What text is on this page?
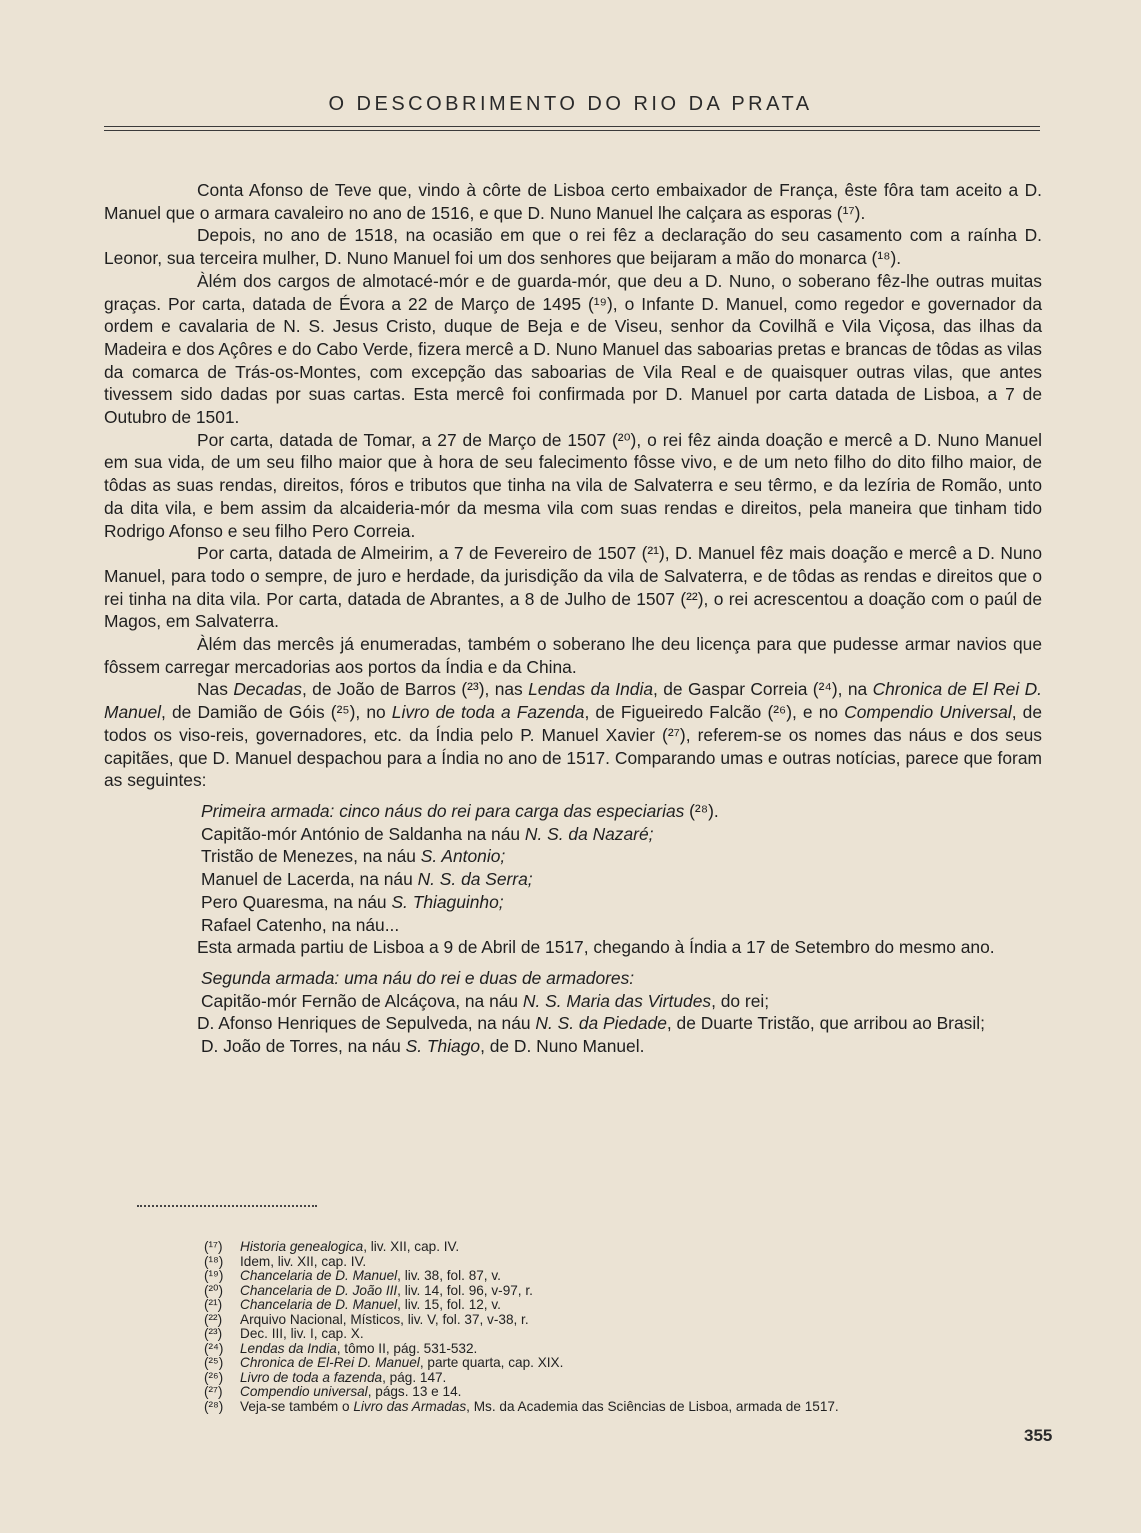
O DESCOBRIMENTO DO RIO DA PRATA

Conta Afonso de Teve que, vindo à côrte de Lisboa certo embaixador de França, êste fôra tam aceito a D. Manuel que o armara cavaleiro no ano de 1516, e que D. Nuno Manuel lhe calçara as esporas (¹⁷).

Depois, no ano de 1518, na ocasião em que o rei fêz a declaração do seu casamento com a raínha D. Leonor, sua terceira mulher, D. Nuno Manuel foi um dos senhores que beijaram a mão do monarca (¹⁸).

Àlém dos cargos de almotacé-mór e de guarda-mór, que deu a D. Nuno, o soberano fêz-lhe outras muitas graças. Por carta, datada de Évora a 22 de Março de 1495 (¹⁹), o Infante D. Manuel, como regedor e governador da ordem e cavalaria de N. S. Jesus Cristo, duque de Beja e de Viseu, senhor da Covilhã e Vila Viçosa, das ilhas da Madeira e dos Açôres e do Cabo Verde, fizera mercê a D. Nuno Manuel das saboarias pretas e brancas de tôdas as vilas da comarca de Trás-os-Montes, com excepção das saboarias de Vila Real e de quaisquer outras vilas, que antes tivessem sido dadas por suas cartas. Esta mercê foi confirmada por D. Manuel por carta datada de Lisboa, a 7 de Outubro de 1501.

Por carta, datada de Tomar, a 27 de Março de 1507 (²⁰), o rei fêz ainda doação e mercê a D. Nuno Manuel em sua vida, de um seu filho maior que à hora de seu falecimento fôsse vivo, e de um neto filho do dito filho maior, de tôdas as suas rendas, direitos, fóros e tributos que tinha na vila de Salvaterra e seu têrmo, e da lezíria de Romão, unto da dita vila, e bem assim da alcaideria-mór da mesma vila com suas rendas e direitos, pela maneira que tinham tido Rodrigo Afonso e seu filho Pero Correia.

Por carta, datada de Almeirim, a 7 de Fevereiro de 1507 (²¹), D. Manuel fêz mais doação e mercê a D. Nuno Manuel, para todo o sempre, de juro e herdade, da jurisdição da vila de Salvaterra, e de tôdas as rendas e direitos que o rei tinha na dita vila. Por carta, datada de Abrantes, a 8 de Julho de 1507 (²²), o rei acrescentou a doação com o paúl de Magos, em Salvaterra.

Àlém das mercês já enumeradas, também o soberano lhe deu licença para que pudesse armar navios que fôssem carregar mercadorias aos portos da Índia e da China.

Nas Decadas, de João de Barros (²³), nas Lendas da India, de Gaspar Correia (²⁴), na Chronica de El Rei D. Manuel, de Damião de Góis (²⁵), no Livro de toda a Fazenda, de Figueiredo Falcão (²⁶), e no Compendio Universal, de todos os viso-reis, governadores, etc. da Índia pelo P. Manuel Xavier (²⁷), referem-se os nomes das náus e dos seus capitães, que D. Manuel despachou para a Índia no ano de 1517. Comparando umas e outras notícias, parece que foram as seguintes:

Primeira armada: cinco náus do rei para carga das especiarias (²⁸).

Capitão-mór António de Saldanha na náu N. S. da Nazaré;

Tristão de Menezes, na náu S. Antonio;

Manuel de Lacerda, na náu N. S. da Serra;

Pero Quaresma, na náu S. Thiaguinho;

Rafael Catenho, na náu...

Esta armada partiu de Lisboa a 9 de Abril de 1517, chegando à Índia a 17 de Setembro do mesmo ano.

Segunda armada: uma náu do rei e duas de armadores:

Capitão-mór Fernão de Alcáçova, na náu N. S. Maria das Virtudes, do rei;

D. Afonso Henriques de Sepulveda, na náu N. S. da Piedade, de Duarte Tristão, que arribou ao Brasil;

D. João de Torres, na náu S. Thiago, de D. Nuno Manuel.

(¹⁷) Historia genealogica, liv. XII, cap. IV.
(¹⁸) Idem, liv. XII, cap. IV.
(¹⁹) Chancelaria de D. Manuel, liv. 38, fol. 87, v.
(²⁰) Chancelaria de D. João III, liv. 14, fol. 96, v-97, r.
(²¹) Chancelaria de D. Manuel, liv. 15, fol. 12, v.
(²²) Arquivo Nacional, Místicos, liv. V, fol. 37, v-38, r.
(²³) Dec. III, liv. I, cap. X.
(²⁴) Lendas da India, tômo II, pág. 531-532.
(²⁵) Chronica de El-Rei D. Manuel, parte quarta, cap. XIX.
(²⁶) Livro de toda a fazenda, pág. 147.
(²⁷) Compendio universal, págs. 13 e 14.
(²⁸) Veja-se também o Livro das Armadas, Ms. da Academia das Sciências de Lisboa, armada de 1517.
355
